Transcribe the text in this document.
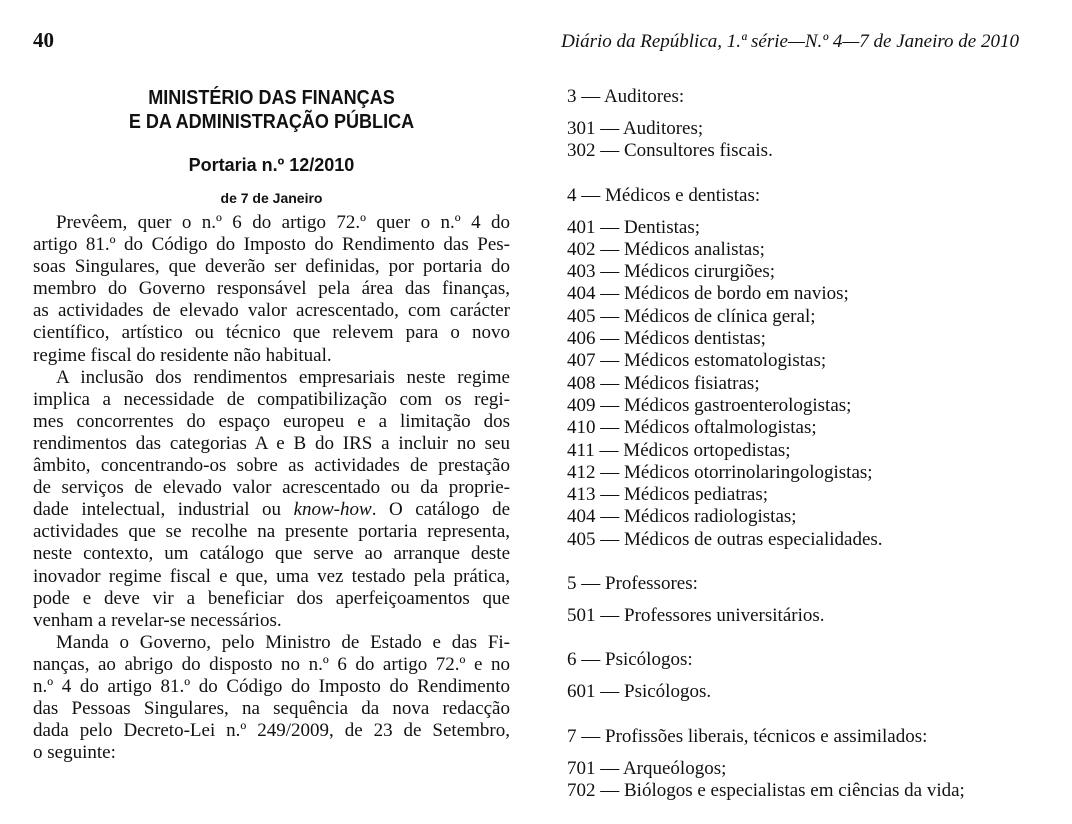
40	Diário da República, 1.ª série—N.º 4—7 de Janeiro de 2010
MINISTÉRIO DAS FINANÇAS
E DA ADMINISTRAÇÃO PÚBLICA
Portaria n.º 12/2010
de 7 de Janeiro

Prevêem, quer o n.º 6 do artigo 72.º quer o n.º 4 do
artigo 81.º do Código do Imposto do Rendimento das Pes-
soas Singulares, que deverão ser definidas, por portaria do
membro do Governo responsável pela área das finanças,
as actividades de elevado valor acrescentado, com carácter
científico, artístico ou técnico que relevem para o novo
regime fiscal do residente não habitual.

A inclusão dos rendimentos empresariais neste regime
implica a necessidade de compatibilização com os regi-
mes concorrentes do espaço europeu e a limitação dos
rendimentos das categorias A e B do IRS a incluir no seu
âmbito, concentrando-os sobre as actividades de prestação
de serviços de elevado valor acrescentado ou da proprie-
dade intelectual, industrial ou know-how. O catálogo de
actividades que se recolhe na presente portaria representa,
neste contexto, um catálogo que serve ao arranque deste
inovador regime fiscal e que, uma vez testado pela prática,
pode e deve vir a beneficiar dos aperfeiçoamentos que
venham a revelar-se necessários.

Manda o Governo, pelo Ministro de Estado e das Fi-
nanças, ao abrigo do disposto no n.º 6 do artigo 72.º e no
n.º 4 do artigo 81.º do Código do Imposto do Rendimento
das Pessoas Singulares, na sequência da nova redacção
dada pelo Decreto-Lei n.º 249/2009, de 23 de Setembro,
o seguinte:

3 — Auditores:
301 — Auditores;
302 — Consultores fiscais.
4 — Médicos e dentistas:
401 — Dentistas;
402 — Médicos analistas;
403 — Médicos cirurgiões;
404 — Médicos de bordo em navios;
405 — Médicos de clínica geral;
406 — Médicos dentistas;
407 — Médicos estomatologistas;
408 — Médicos fisiatras;
409 — Médicos gastroenterologistas;
410 — Médicos oftalmologistas;
411 — Médicos ortopedistas;
412 — Médicos otorrinolaringologistas;
413 — Médicos pediatras;
404 — Médicos radiologistas;
405 — Médicos de outras especialidades.
5 — Professores:
501 — Professores universitários.
6 — Psicólogos:
601 — Psicólogos.
7 — Profissões liberais, técnicos e assimilados:
701 — Arqueólogos;
702 — Biólogos e especialistas em ciências da vida;
